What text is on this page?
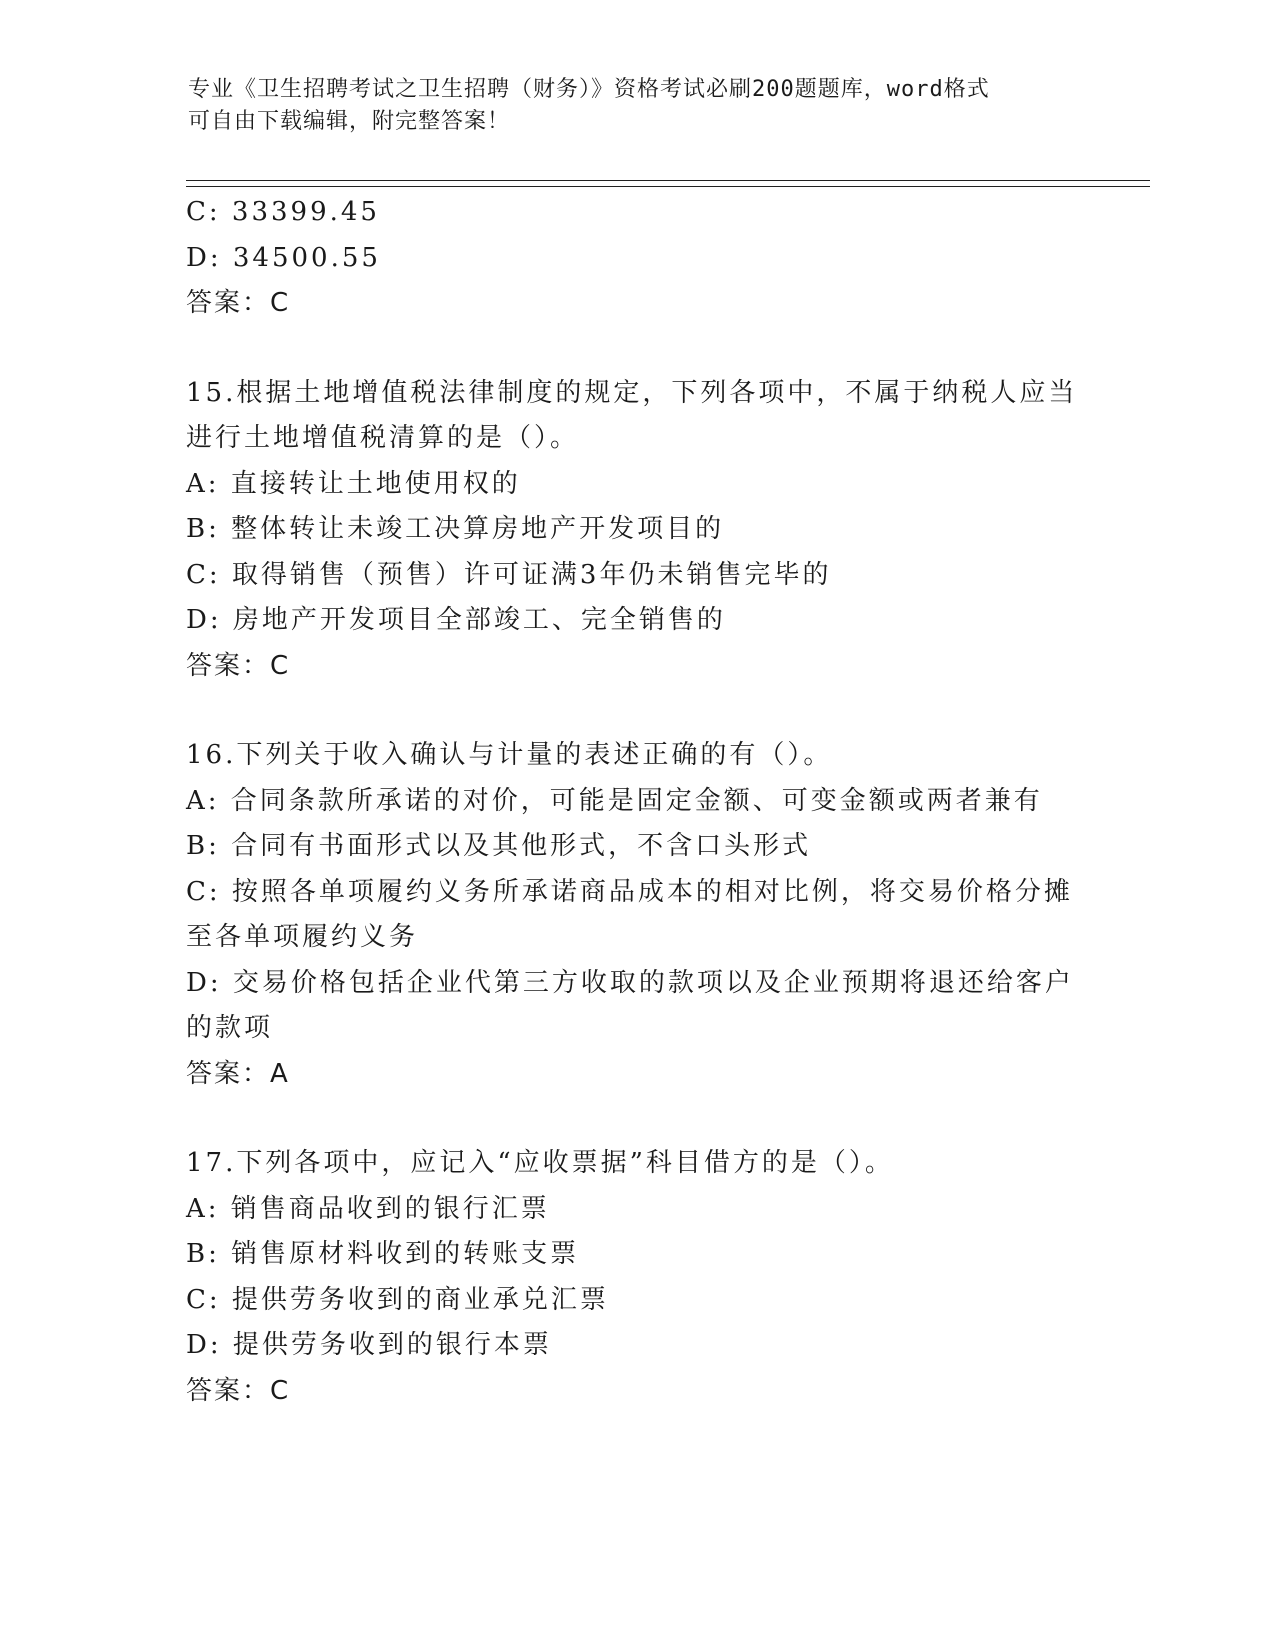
专业《卫生招聘考试之卫生招聘（财务）》资格考试必刷200题题库，word格式
可自由下载编辑，附完整答案！
C: 33399.45
D: 34500.55
答案：C
15.根据土地增值税法律制度的规定，下列各项中，不属于纳税人应当
进行土地增值税清算的是（）。
A: 直接转让土地使用权的
B: 整体转让未竣工决算房地产开发项目的
C: 取得销售（预售）许可证满3年仍未销售完毕的
D: 房地产开发项目全部竣工、完全销售的
答案：C
16.下列关于收入确认与计量的表述正确的有（）。
A: 合同条款所承诺的对价，可能是固定金额、可变金额或两者兼有
B: 合同有书面形式以及其他形式，不含口头形式
C: 按照各单项履约义务所承诺商品成本的相对比例，将交易价格分摊
至各单项履约义务
D: 交易价格包括企业代第三方收取的款项以及企业预期将退还给客户
的款项
答案：A
17.下列各项中，应记入“应收票据”科目借方的是（）。
A: 销售商品收到的银行汇票
B: 销售原材料收到的转账支票
C: 提供劳务收到的商业承兑汇票
D: 提供劳务收到的银行本票
答案：C
